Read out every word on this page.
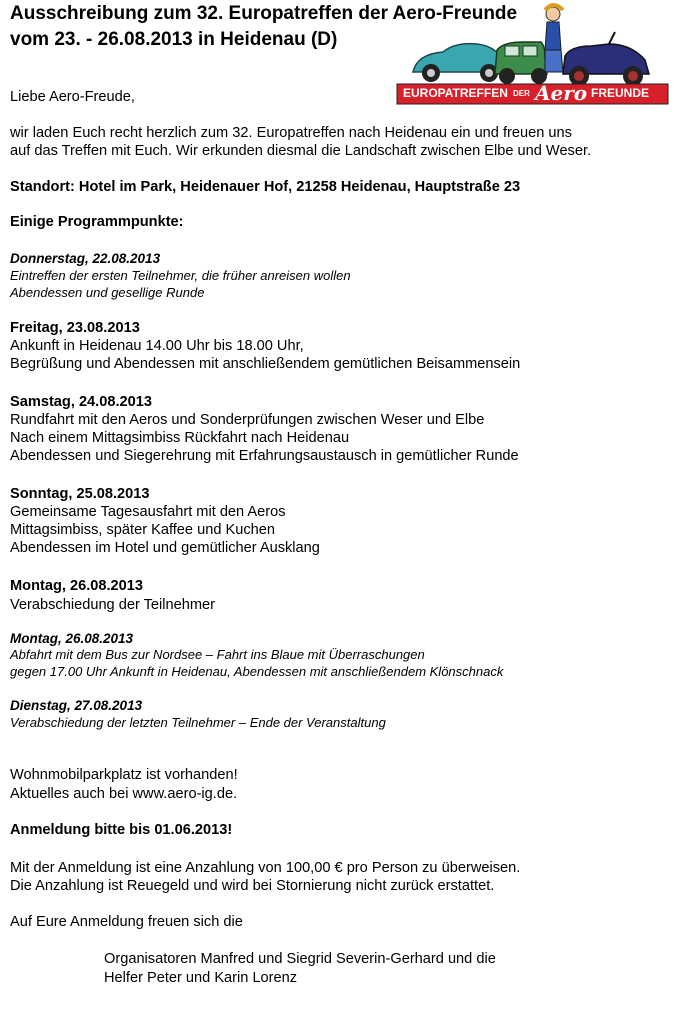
Ausschreibung zum 32. Europatreffen der Aero-Freunde
vom 23. - 26.08.2013 in Heidenau (D)
EUROPATREFFEN DER Aero FREUNDE
Liebe Aero-Freude,
wir laden Euch recht herzlich zum 32. Europatreffen nach Heidenau ein und freuen uns
auf das Treffen mit Euch. Wir erkunden diesmal die Landschaft zwischen Elbe und Weser.
Standort: Hotel im Park, Heidenauer Hof, 21258 Heidenau, Hauptstraße 23
Einige Programmpunkte:
Donnerstag, 22.08.2013
Eintreffen der ersten Teilnehmer, die früher anreisen wollen
Abendessen und gesellige Runde
Freitag, 23.08.2013
Ankunft in Heidenau 14.00 Uhr bis 18.00 Uhr,
Begrüßung und Abendessen mit anschließendem gemütlichen Beisammensein
Samstag, 24.08.2013
Rundfahrt mit den Aeros und Sonderprüfungen zwischen Weser und Elbe
Nach einem Mittagsimbiss Rückfahrt nach Heidenau
Abendessen und Siegerehrung mit Erfahrungsaustausch in gemütlicher Runde
Sonntag, 25.08.2013
Gemeinsame Tagesausfahrt mit den Aeros
Mittagsimbiss, später Kaffee und Kuchen
Abendessen im Hotel und gemütlicher Ausklang
Montag, 26.08.2013
Verabschiedung der Teilnehmer
Montag, 26.08.2013
Abfahrt mit dem Bus zur Nordsee – Fahrt ins Blaue mit Überraschungen
gegen 17.00 Uhr Ankunft in Heidenau, Abendessen mit anschließendem Klönschnack
Dienstag, 27.08.2013
Verabschiedung der letzten Teilnehmer – Ende der Veranstaltung
Wohnmobilparkplatz ist vorhanden!
Aktuelles auch bei www.aero-ig.de.
Anmeldung bitte bis 01.06.2013!
Mit der Anmeldung ist eine Anzahlung von 100,00 € pro Person zu überweisen.
Die Anzahlung ist Reuegeld und wird bei Stornierung nicht zurück erstattet.
Auf Eure Anmeldung freuen sich die
Organisatoren Manfred und Siegrid Severin-Gerhard und die
Helfer Peter und Karin Lorenz
